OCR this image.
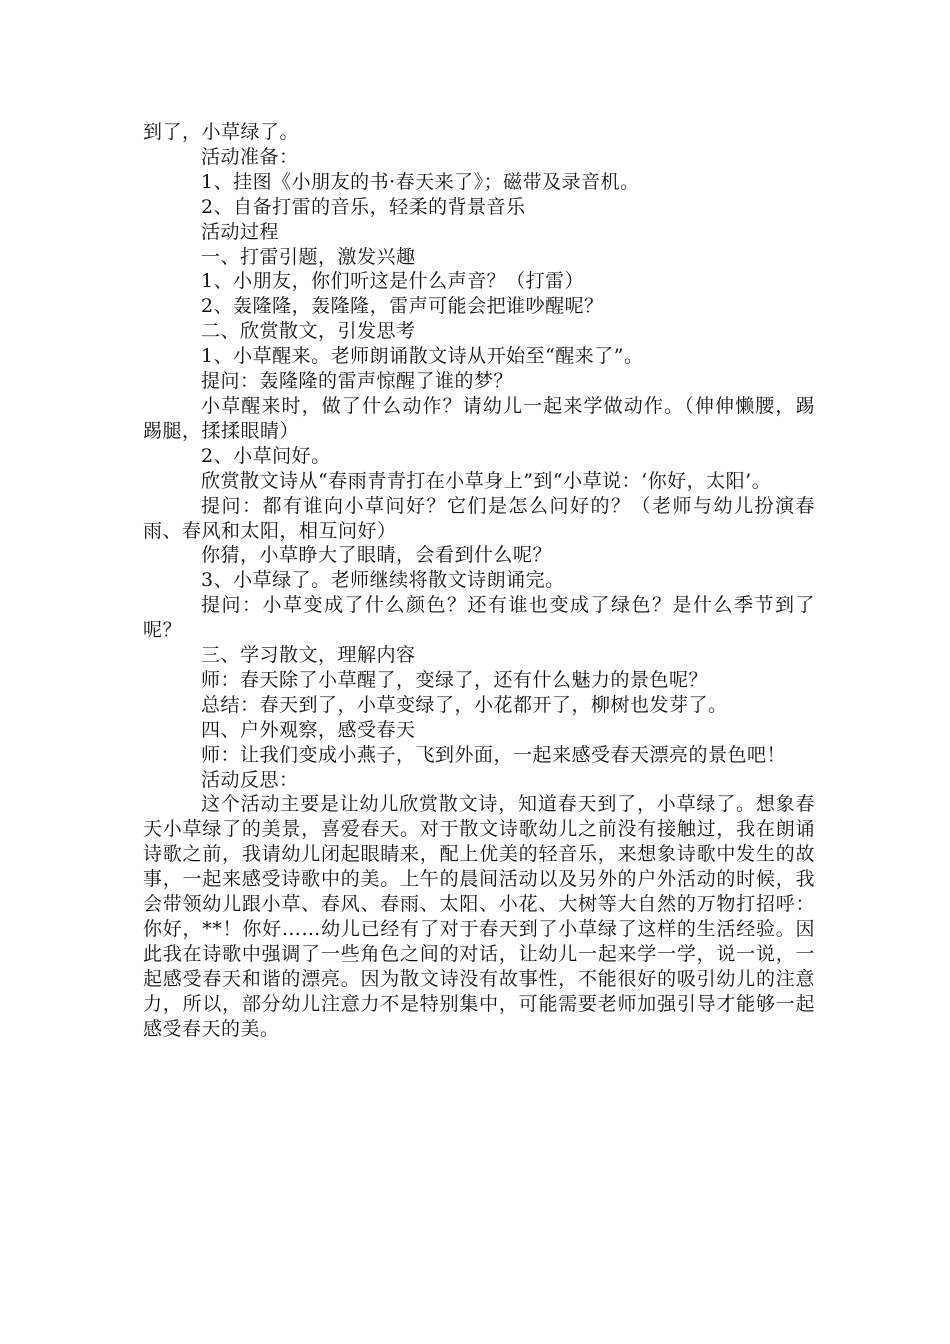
到了，小草绿了。

活动准备：

1、挂图《小朋友的书·春天来了》；磁带及录音机。

2、自备打雷的音乐，轻柔的背景音乐

活动过程

一、打雷引题，激发兴趣

1、小朋友，你们听这是什么声音？（打雷）

2、轰隆隆，轰隆隆，雷声可能会把谁吵醒呢？

二、欣赏散文，引发思考

1、小草醒来。老师朗诵散文诗从开始至“醒来了”。

提问：轰隆隆的雷声惊醒了谁的梦？

小草醒来时，做了什么动作？请幼儿一起来学做动作。（伸伸懒腰，踢踢腿，揉揉眼睛）

2、小草问好。

欣赏散文诗从“春雨青青打在小草身上”到“小草说：‘你好，太阳’。

提问：都有谁向小草问好？它们是怎么问好的？（老师与幼儿扮演春雨、春风和太阳，相互问好）

你猜，小草睁大了眼睛，会看到什么呢？

3、小草绿了。老师继续将散文诗朗诵完。

提问：小草变成了什么颜色？还有谁也变成了绿色？是什么季节到了呢？

三、学习散文，理解内容

师：春天除了小草醒了，变绿了，还有什么魅力的景色呢？

总结：春天到了，小草变绿了，小花都开了，柳树也发芽了。

四、户外观察，感受春天

师：让我们变成小燕子，飞到外面，一起来感受春天漂亮的景色吧！

活动反思：

这个活动主要是让幼儿欣赏散文诗，知道春天到了，小草绿了。想象春天小草绿了的美景，喜爱春天。对于散文诗歌幼儿之前没有接触过，我在朗诵诗歌之前，我请幼儿闭起眼睛来，配上优美的轻音乐，来想象诗歌中发生的故事，一起来感受诗歌中的美。上午的晨间活动以及另外的户外活动的时候，我会带领幼儿跟小草、春风、春雨、太阳、小花、大树等大自然的万物打招呼：你好，**！你好……幼儿已经有了对于春天到了小草绿了这样的生活经验。因此我在诗歌中强调了一些角色之间的对话，让幼儿一起来学一学，说一说，一起感受春天和谐的漂亮。因为散文诗没有故事性，不能很好的吸引幼儿的注意力，所以，部分幼儿注意力不是特别集中，可能需要老师加强引导才能够一起感受春天的美。
